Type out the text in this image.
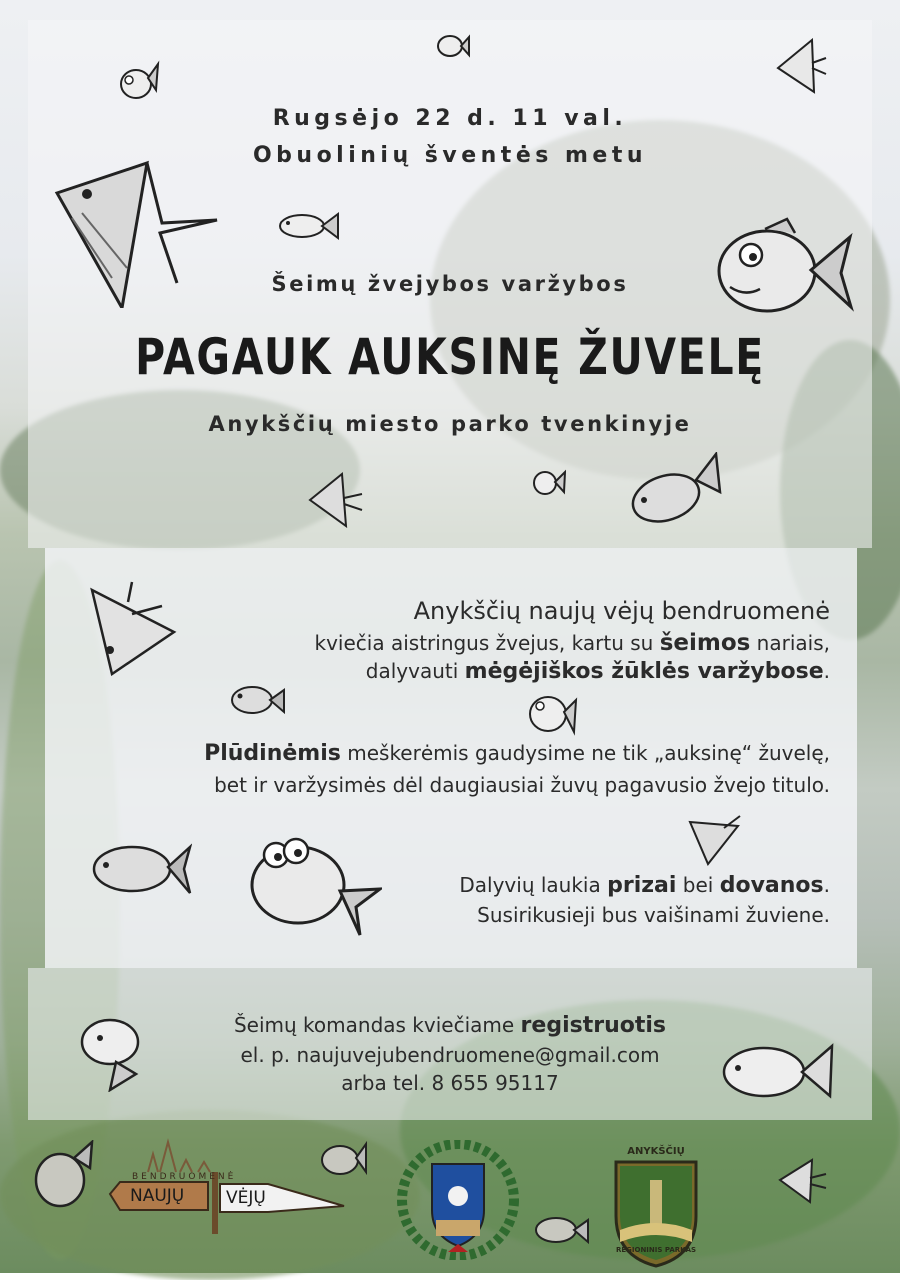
Rugsėjo 22 d. 11 val.
Obuolinių šventės metu
Šeimų žvejybos varžybos
PAGAUK AUKSINĘ ŽUVELĘ
Anykščių miesto parko tvenkinyje
Anykščių naujų vėjų bendruomenė
kviečia aistringus žvejus, kartu su šeimos nariais,
dalyvauti mėgėjiškos žūklės varžybose.
Plūdinėmis meškerėmis gaudysime ne tik „auksinę“ žuvelę,
bet ir varžysimės dėl daugiausiai žuvų pagavusio žvejo titulo.
Dalyvių laukia prizai bei dovanos.
Susirikusieji bus vaišinami žuviene.
Šeimų komandas kviečiame registruotis
el. p. naujuvejubendruomene@gmail.com
arba tel. 8 655 95117
BENDRUOMENĖ
NAUJŲ VĖJŲ
ANYKŠČIŲ
REGIONINIS PARKAS
